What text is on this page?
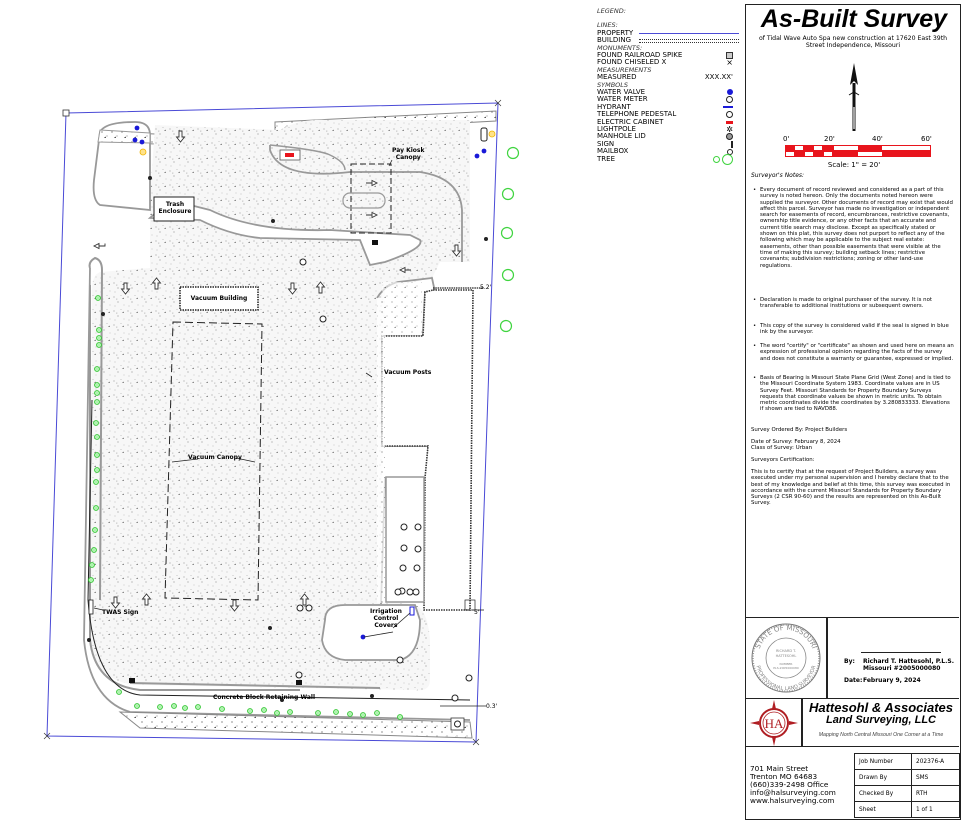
Pay Kiosk
Canopy
Trash
Enclosure
Vacuum Building
Vacuum Posts
Vacuum Canopy
TWAS Sign	Irrigation
Control
Covers
Concrete Block Retaining Wall
5.2'
5'
0.3'
LEGEND:
LINES:
PROPERTY
BUILDING
MONUMENTS:
FOUND RAILROAD SPIKE
FOUND CHISELED X	×
MEASUREMENTS
MEASURED	XXX.XX'
SYMBOLS
WATER VALVE
WATER METER
HYDRANT
TELEPHONE PEDESTAL
ELECTRIC CABINET
LIGHTPOLE	✲
MANHOLE LID
SIGN
MAILBOX
TREE
As-Built Survey
of Tidal Wave Auto Spa new construction at 17620 East 39th Street Independence, Missouri
0'	20'	40'	60'
Scale: 1" = 20'
Surveyor's Notes:
• Every document of record reviewed and considered as a part of this survey is noted hereon. Only the documents noted hereon were supplied the surveyor. Other documents of record may exist that would affect this parcel. Surveyor has made no investigation or independent search for easements of record, encumbrances, restrictive covenants, ownership title evidence, or any other facts that an accurate and current title search may disclose. Except as specifically stated or shown on this plat, this survey does not purport to reflect any of the following which may be applicable to the subject real estate: easements, other than possible easements that were visible at the time of making this survey; building setback lines; restrictive covenants; subdivision restrictions; zoning or other land-use regulations.
• Declaration is made to original purchaser of the survey. It is not transferable to additional institutions or subsequent owners.
• This copy of the survey is considered valid if the seal is signed in blue ink by the surveyor.
• The word "certify" or "certificate" as shown and used here on means an expression of professional opinion regarding the facts of the survey and does not constitute a warranty or guarantee, expressed or implied.
• Basis of Bearing is Missouri State Plane Grid (West Zone) and is tied to the Missouri Coordinate System 1983. Coordinate values are in US Survey Feet. Missouri Standards for Property Boundary Surveys requests that coordinate values be shown in metric units. To obtain metric coordinates divide the coordinates by 3.280833333. Elevations if shown are tied to NAVD88.
Survey Ordered By: Project Builders
Date of Survey: February 8, 2024
Class of Survey: Urban
Surveyors Certification:
This is to certify that at the request of Project Builders, a survey was executed under my personal supervision and I hereby declare that to the best of my knowledge and belief at this time, this survey was executed in accordance with the current Missouri Standards for Property Boundary Surveys (2 CSR 90-60) and the results are represented on this As-Built Survey.
STATE OF MISSOURI
PROFESSIONAL LAND SURVEYOR
RICHARD T.
HATTESOHL
NUMBER
PLS-2005000080
By: Richard T. Hattesohl, P.L.S.
Missouri #2005000080
Date: February 9, 2024
HA
Hattesohl & Associates
Land Surveying, LLC
Mapping North Central Missouri One Corner at a Time
701 Main Street
Trenton MO 64683
(660)339-2498 Office
info@halsurveying.com
www.halsurveying.com
Job Number	202376-A
Drawn By	SMS
Checked By	RTH
Sheet	1 of 1
